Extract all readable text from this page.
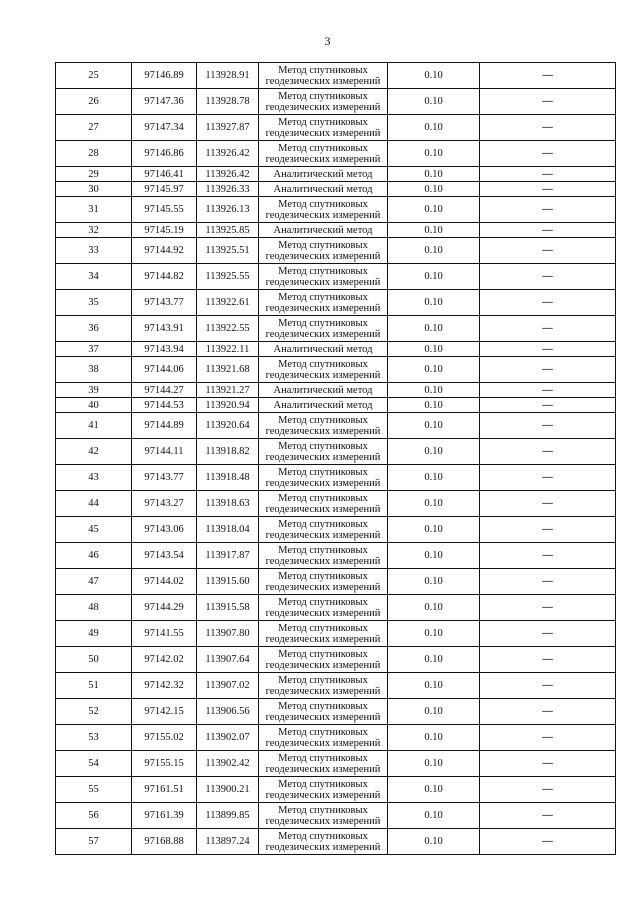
3
25	97146.89	113928.91	Метод спутниковых геодезических измерений	0.10	—
26	97147.36	113928.78	Метод спутниковых геодезических измерений	0.10	—
27	97147.34	113927.87	Метод спутниковых геодезических измерений	0.10	—
28	97146.86	113926.42	Метод спутниковых геодезических измерений	0.10	—
29	97146.41	113926.42	Аналитический метод	0.10	—
30	97145.97	113926.33	Аналитический метод	0.10	—
31	97145.55	113926.13	Метод спутниковых геодезических измерений	0.10	—
32	97145.19	113925.85	Аналитический метод	0.10	—
33	97144.92	113925.51	Метод спутниковых геодезических измерений	0.10	—
34	97144.82	113925.55	Метод спутниковых геодезических измерений	0.10	—
35	97143.77	113922.61	Метод спутниковых геодезических измерений	0.10	—
36	97143.91	113922.55	Метод спутниковых геодезических измерений	0.10	—
37	97143.94	113922.11	Аналитический метод	0.10	—
38	97144.06	113921.68	Метод спутниковых геодезических измерений	0.10	—
39	97144.27	113921.27	Аналитический метод	0.10	—
40	97144.53	113920.94	Аналитический метод	0.10	—
41	97144.89	113920.64	Метод спутниковых геодезических измерений	0.10	—
42	97144.11	113918.82	Метод спутниковых геодезических измерений	0.10	—
43	97143.77	113918.48	Метод спутниковых геодезических измерений	0.10	—
44	97143.27	113918.63	Метод спутниковых геодезических измерений	0.10	—
45	97143.06	113918.04	Метод спутниковых геодезических измерений	0.10	—
46	97143.54	113917.87	Метод спутниковых геодезических измерений	0.10	—
47	97144.02	113915.60	Метод спутниковых геодезических измерений	0.10	—
48	97144.29	113915.58	Метод спутниковых геодезических измерений	0.10	—
49	97141.55	113907.80	Метод спутниковых геодезических измерений	0.10	—
50	97142.02	113907.64	Метод спутниковых геодезических измерений	0.10	—
51	97142.32	113907.02	Метод спутниковых геодезических измерений	0.10	—
52	97142.15	113906.56	Метод спутниковых геодезических измерений	0.10	—
53	97155.02	113902.07	Метод спутниковых геодезических измерений	0.10	—
54	97155.15	113902.42	Метод спутниковых геодезических измерений	0.10	—
55	97161.51	113900.21	Метод спутниковых геодезических измерений	0.10	—
56	97161.39	113899.85	Метод спутниковых геодезических измерений	0.10	—
57	97168.88	113897.24	Метод спутниковых геодезических измерений	0.10	—
